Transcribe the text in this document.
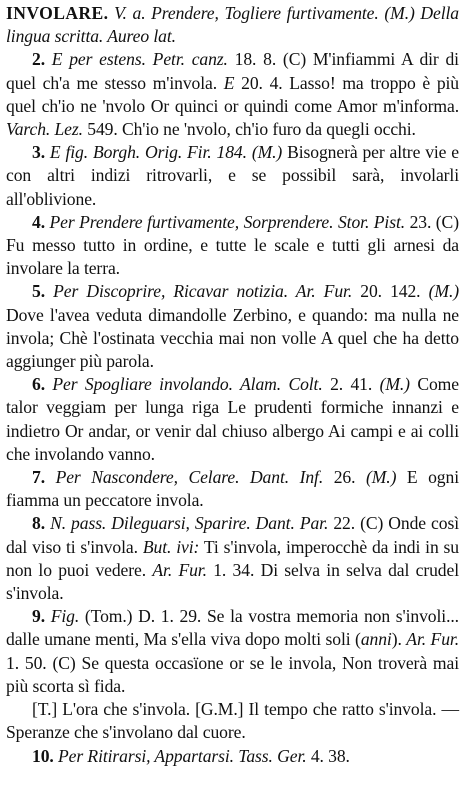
INVOLARE. V. a. Prendere, Togliere furtivamente. (M.) Della lingua scritta. Aureo lat.

2. E per estens. Petr. canz. 18. 8. (C) M'infiammi A dir di quel ch'a me stesso m'invola. E 20. 4. Lasso! ma troppo è più quel ch'io ne 'nvolo Or quinci or quindi come Amor m'informa. Varch. Lez. 549. Ch'io ne 'nvolo, ch'io furo da quegli occhi.

3. E fig. Borgh. Orig. Fir. 184. (M.) Bisognerà per altre vie e con altri indizi ritrovarli, e se possibil sarà, involarli all'oblivione.

4. Per Prendere furtivamente, Sorprendere. Stor. Pist. 23. (C) Fu messo tutto in ordine, e tutte le scale e tutti gli arnesi da involare la terra.

5. Per Discoprire, Ricavar notizia. Ar. Fur. 20. 142. (M.) Dove l'avea veduta dimandolle Zerbino, e quando: ma nulla ne invola; Chè l'ostinata vecchia mai non volle A quel che ha detto aggiunger più parola.

6. Per Spogliare involando. Alam. Colt. 2. 41. (M.) Come talor veggiam per lunga riga Le prudenti formiche innanzi e indietro Or andar, or venir dal chiuso albergo Ai campi e ai colli che involando vanno.

7. Per Nascondere, Celare. Dant. Inf. 26. (M.) E ogni fiamma un peccatore invola.

8. N. pass. Dileguarsi, Sparire. Dant. Par. 22. (C) Onde così dal viso ti s'invola. But. ivi: Ti s'invola, imperocchè da indi in su non lo puoi vedere. Ar. Fur. 1. 34. Di selva in selva dal crudel s'invola.

9. Fig. (Tom.) D. 1. 29. Se la vostra memoria non s'involi... dalle umane menti, Ma s'ella viva dopo molti soli (anni). Ar. Fur. 1. 50. (C) Se questa occasïone or se le invola, Non troverà mai più scorta sì fida.

[T.] L'ora che s'invola. [G.M.] Il tempo che ratto s'invola. — Speranze che s'involano dal cuore.

10. Per Ritirarsi, Appartarsi. Tass. Ger. 4. 38.
